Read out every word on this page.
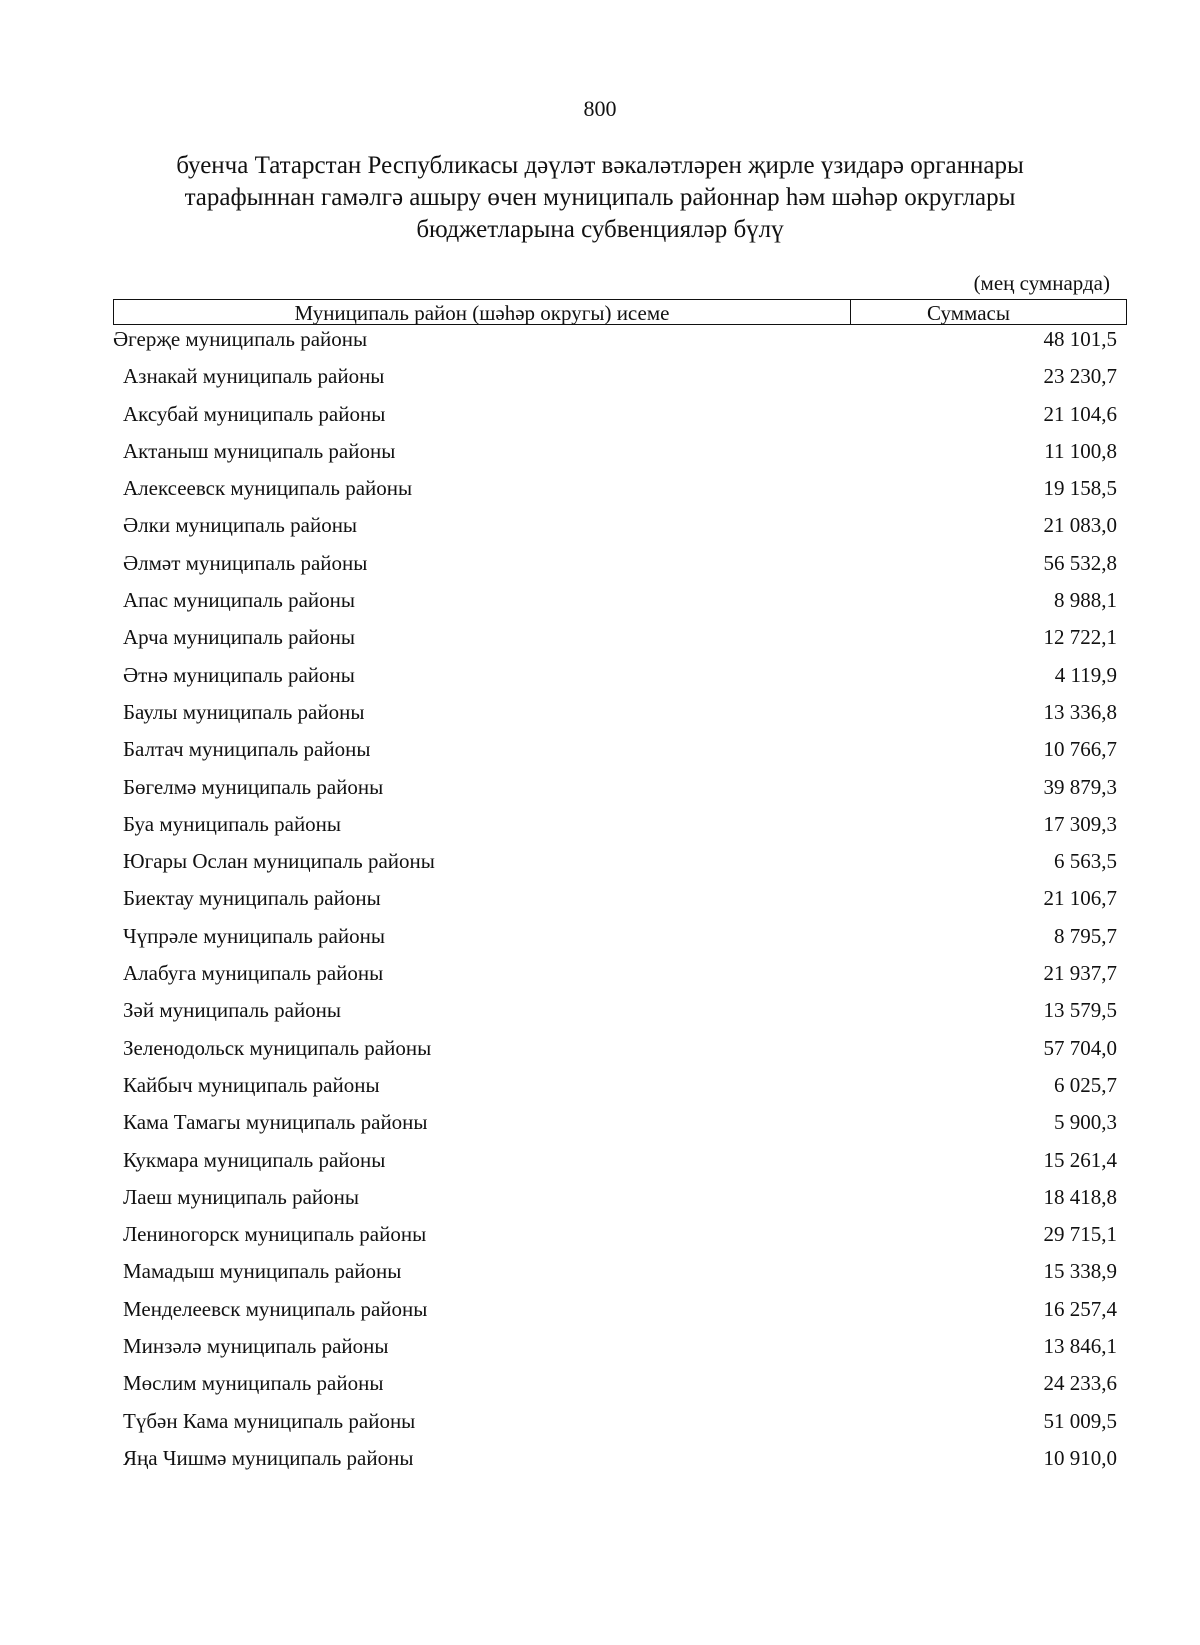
800
буенча Татарстан Республикасы дәүләт вәкаләтләрен җирле үзидарә органнары
тарафыннан гамәлгә ашыру өчен муниципаль районнар һәм шәһәр округлары
бюджетларына субвенцияләр бүлү
(мең сумнарда)
Муниципаль район (шәһәр округы) исеме	Суммасы
Әгерҗе муниципаль районы	48 101,5
Азнакай муниципаль районы	23 230,7
Аксубай муниципаль районы	21 104,6
Актаныш муниципаль районы	11 100,8
Алексеевск муниципаль районы	19 158,5
Әлки муниципаль районы	21 083,0
Әлмәт муниципаль районы	56 532,8
Апас муниципаль районы	8 988,1
Арча муниципаль районы	12 722,1
Әтнә муниципаль районы	4 119,9
Баулы муниципаль районы	13 336,8
Балтач муниципаль районы	10 766,7
Бөгелмә муниципаль районы	39 879,3
Буа муниципаль районы	17 309,3
Югары Ослан муниципаль районы	6 563,5
Биектау муниципаль районы	21 106,7
Чүпрәле муниципаль районы	8 795,7
Алабуга муниципаль районы	21 937,7
Зәй муниципаль районы	13 579,5
Зеленодольск муниципаль районы	57 704,0
Кайбыч муниципаль районы	6 025,7
Кама Тамагы муниципаль районы	5 900,3
Кукмара муниципаль районы	15 261,4
Лаеш муниципаль районы	18 418,8
Лениногорск муниципаль районы	29 715,1
Мамадыш муниципаль районы	15 338,9
Менделеевск муниципаль районы	16 257,4
Минзәлә муниципаль районы	13 846,1
Мөслим муниципаль районы	24 233,6
Түбән Кама муниципаль районы	51 009,5
Яңа Чишмә муниципаль районы	10 910,0
